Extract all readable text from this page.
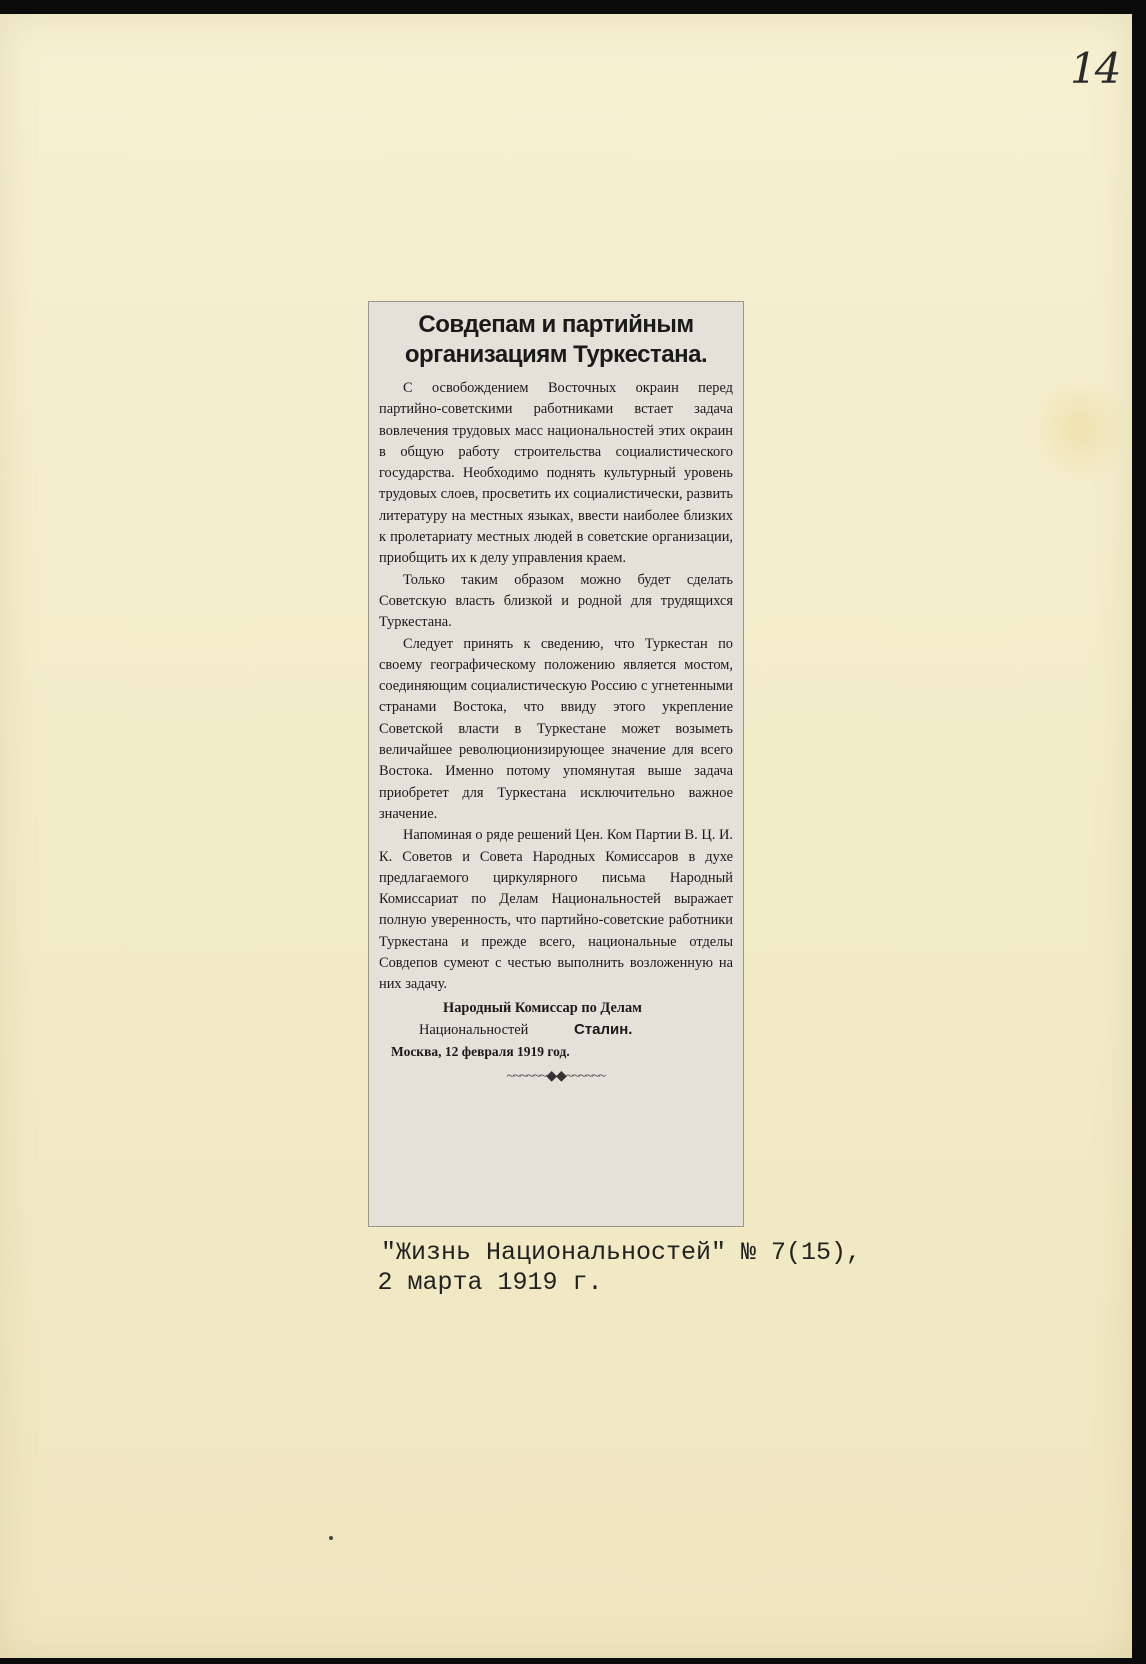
14
Совдепам и партийным организациям Туркестана.

С освобождением Восточных окраин перед партийно-советскими работниками встает задача вовлечения трудовых масс национальностей этих окраин в общую работу строительства социалистического государства. Необходимо поднять культурный уровень трудовых слоев, просветить их социалистически, развить литературу на местных языках, ввести наиболее близких к пролетариату местных людей в советские организации, приобщить их к делу управления краем.

Только таким образом можно будет сделать Советскую власть близкой и родной для трудящихся Туркестана.

Следует принять к сведению, что Туркестан по своему географическому положению является мостом, соединяющим социалистическую Россию с угнетенными странами Востока, что ввиду этого укрепление Советской власти в Туркестане может возыметь величайшее революционизирующее значение для всего Востока. Именно потому упомянутая выше задача приобретет для Туркестана исключительно важное значение.

Напоминая о ряде решений Цен. Ком Партии В. Ц. И. К. Советов и Совета Народных Комиссаров в духе предлагаемого циркулярного письма Народный Комиссариат по Делам Национальностей выражает полную уверенность, что партийно-советские работники Туркестана и прежде всего, национальные отделы Совдепов сумеют с честью выполнить возложенную на них задачу.

Народный Комиссар по Делам
Национальностей	Сталин.
Москва, 12 февраля 1919 год.
~~~~~~◆◆~~~~~~
"Жизнь Национальностей" № 7(15),
2 марта 1919 г.
